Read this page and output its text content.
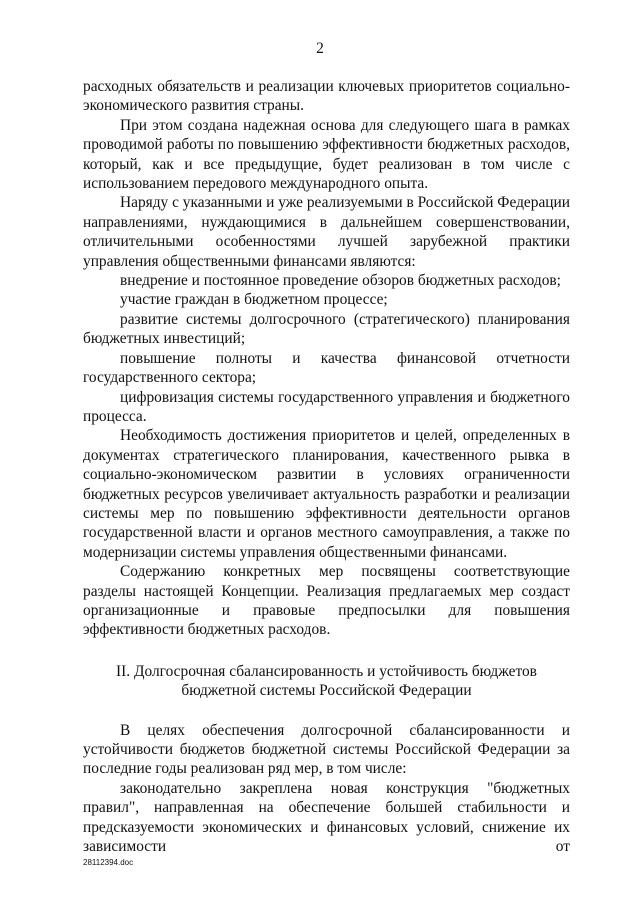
2

расходных обязательств и реализации ключевых приоритетов социально-экономического развития страны.

При этом создана надежная основа для следующего шага в рамках проводимой работы по повышению эффективности бюджетных расходов, который, как и все предыдущие, будет реализован в том числе с использованием передового международного опыта.

Наряду с указанными и уже реализуемыми в Российской Федерации направлениями, нуждающимися в дальнейшем совершенствовании, отличительными особенностями лучшей зарубежной практики управления общественными финансами являются:

внедрение и постоянное проведение обзоров бюджетных расходов;

участие граждан в бюджетном процессе;

развитие системы долгосрочного (стратегического) планирования бюджетных инвестиций;

повышение полноты и качества финансовой отчетности государственного сектора;

цифровизация системы государственного управления и бюджетного процесса.

Необходимость достижения приоритетов и целей, определенных в документах стратегического планирования, качественного рывка в социально-экономическом развитии в условиях ограниченности бюджетных ресурсов увеличивает актуальность разработки и реализации системы мер по повышению эффективности деятельности органов государственной власти и органов местного самоуправления, а также по модернизации системы управления общественными финансами.

Содержанию конкретных мер посвящены соответствующие разделы настоящей Концепции. Реализация предлагаемых мер создаст организационные и правовые предпосылки для повышения эффективности бюджетных расходов.

II. Долгосрочная сбалансированность и устойчивость бюджетов
бюджетной системы Российской Федерации

В целях обеспечения долгосрочной сбалансированности и устойчивости бюджетов бюджетной системы Российской Федерации за последние годы реализован ряд мер, в том числе:

законодательно закреплена новая конструкция "бюджетных правил", направленная на обеспечение большей стабильности и предсказуемости экономических и финансовых условий, снижение их зависимости от

28112394.doc
